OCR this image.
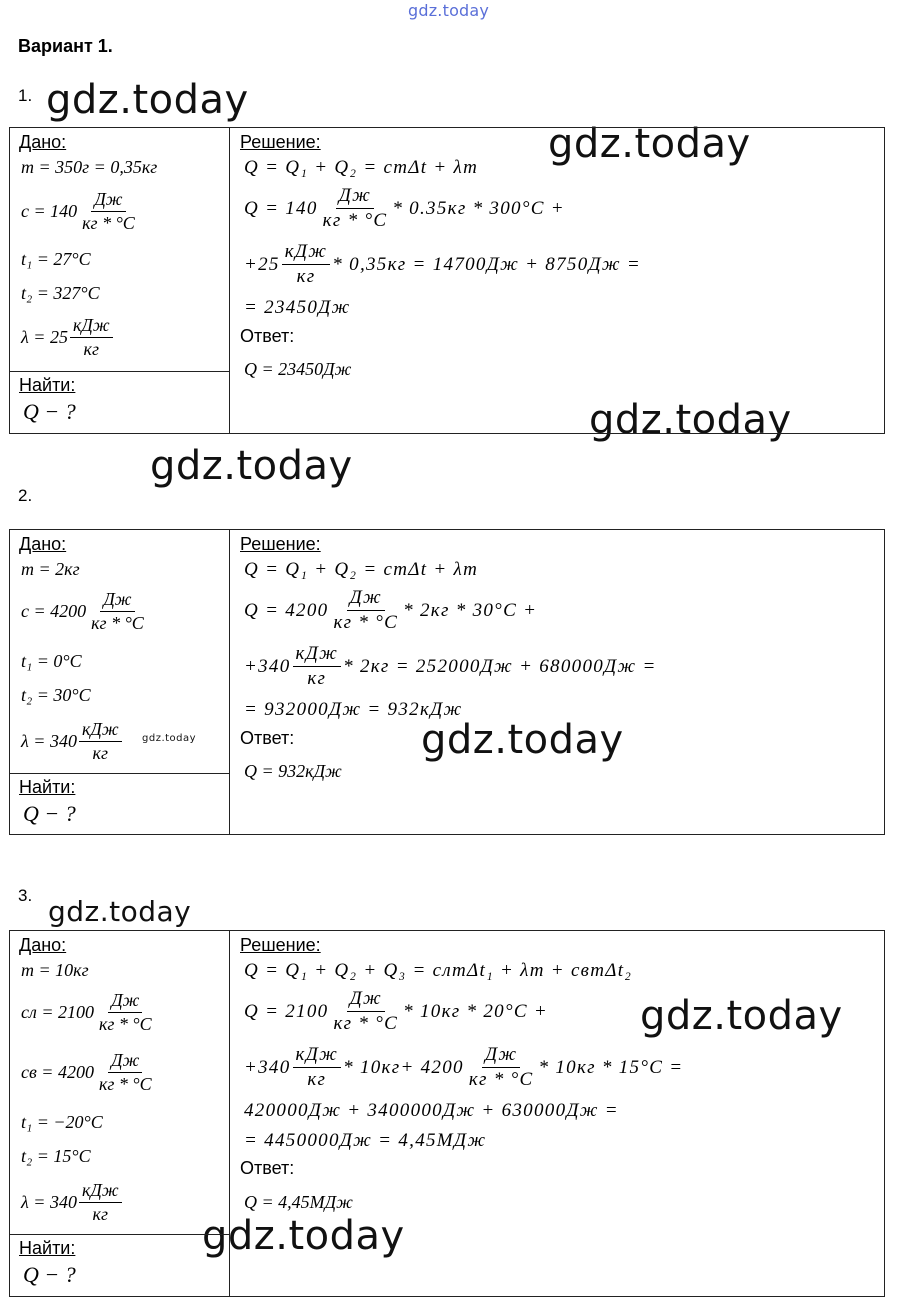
gdz.today
gdz.today
gdz.today
gdz.today
gdz.today
gdz.today
gdz.today
gdz.today
gdz.today
gdz.today
Вариант 1.
1.
Дано:
m = 350г = 0,35кг
c = 140
Дж
кг * °C
t₁ = 27°C
t₂ = 327°C
λ = 25
кДж
кг
Найти:
Q − ?
Решение:
Q = Q₁ + Q₂ = cmΔt + λm
Q = 140
Дж
кг * °C
* 0.35кг * 300°C +
+25
кДж
кг
* 0,35кг = 14700Дж + 8750Дж =
= 23450Дж
Ответ:
Q = 23450Дж
2.
Дано:
m = 2кг
c = 4200
Дж
кг * °C
t₁ = 0°C
t₂ = 30°C
λ = 340
кДж
кг
Найти:
Q − ?
Решение:
Q = Q₁ + Q₂ = cmΔt + λm
Q = 4200
Дж
кг * °C
* 2кг * 30°C +
+340
кДж
кг
* 2кг = 252000Дж + 680000Дж =
= 932000Дж = 932кДж
Ответ:
Q = 932кДж
3.
Дано:
m = 10кг
cл = 2100
Дж
кг * °C
cв = 4200
Дж
кг * °C
t₁ = −20°C
t₂ = 15°C
λ = 340
кДж
кг
Найти:
Q − ?
Решение:
Q = Q₁ + Q₂ + Q₃ = cлmΔt₁ + λm + cвmΔt₂
Q = 2100
Дж
кг * °C
* 10кг * 20°C +
+340
кДж
кг
* 10кг+ 4200
Дж
кг * °C
* 10кг * 15°C =
420000Дж + 3400000Дж + 630000Дж =
= 4450000Дж = 4,45МДж
Ответ:
Q = 4,45МДж
